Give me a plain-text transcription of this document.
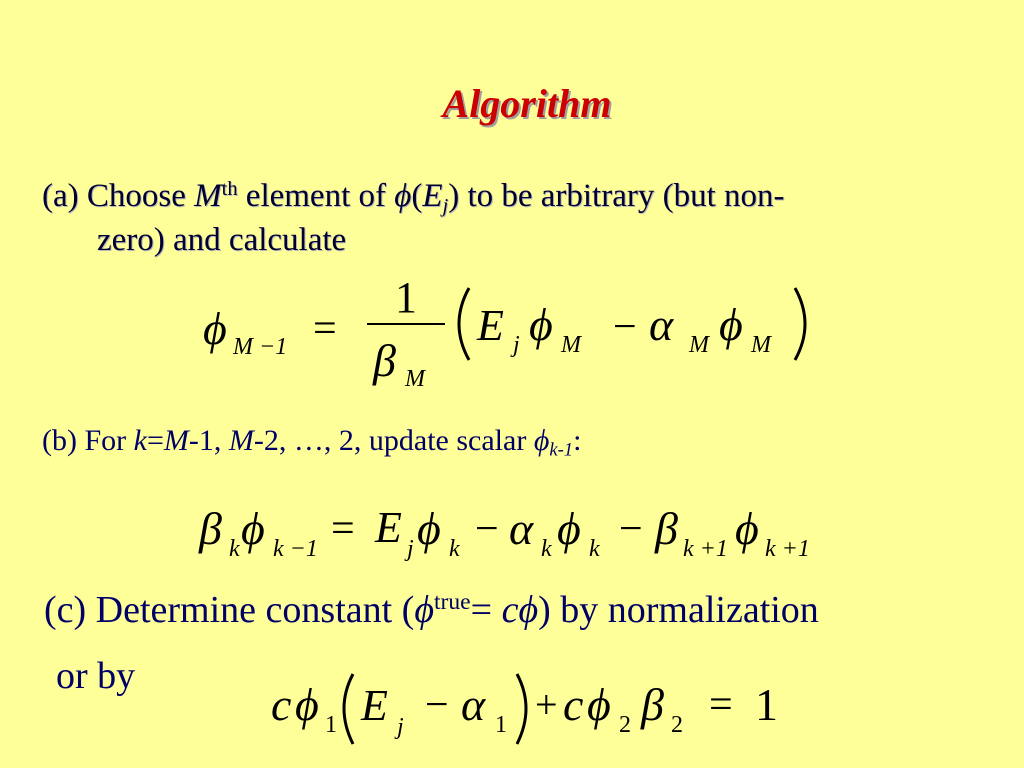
Algorithm
(a) Choose Mth element of $\phi(E_j)$ to be arbitrary (but non-
zero) and calculate
ϕ M −1 =
1
β M
E j ϕ M − α M ϕ M
(b) For k=M-1, M-2, …, 2, update scalar $\phi_{k-1}$:
β k ϕ k −1 = E j ϕ k − α k ϕ k − β k +1 ϕ k +1
(c) Determine constant $(\phi^{true}= c\phi)$ by normalization
or by
c ϕ 1 E j − α 1 + c ϕ 2 β 2 = 1
